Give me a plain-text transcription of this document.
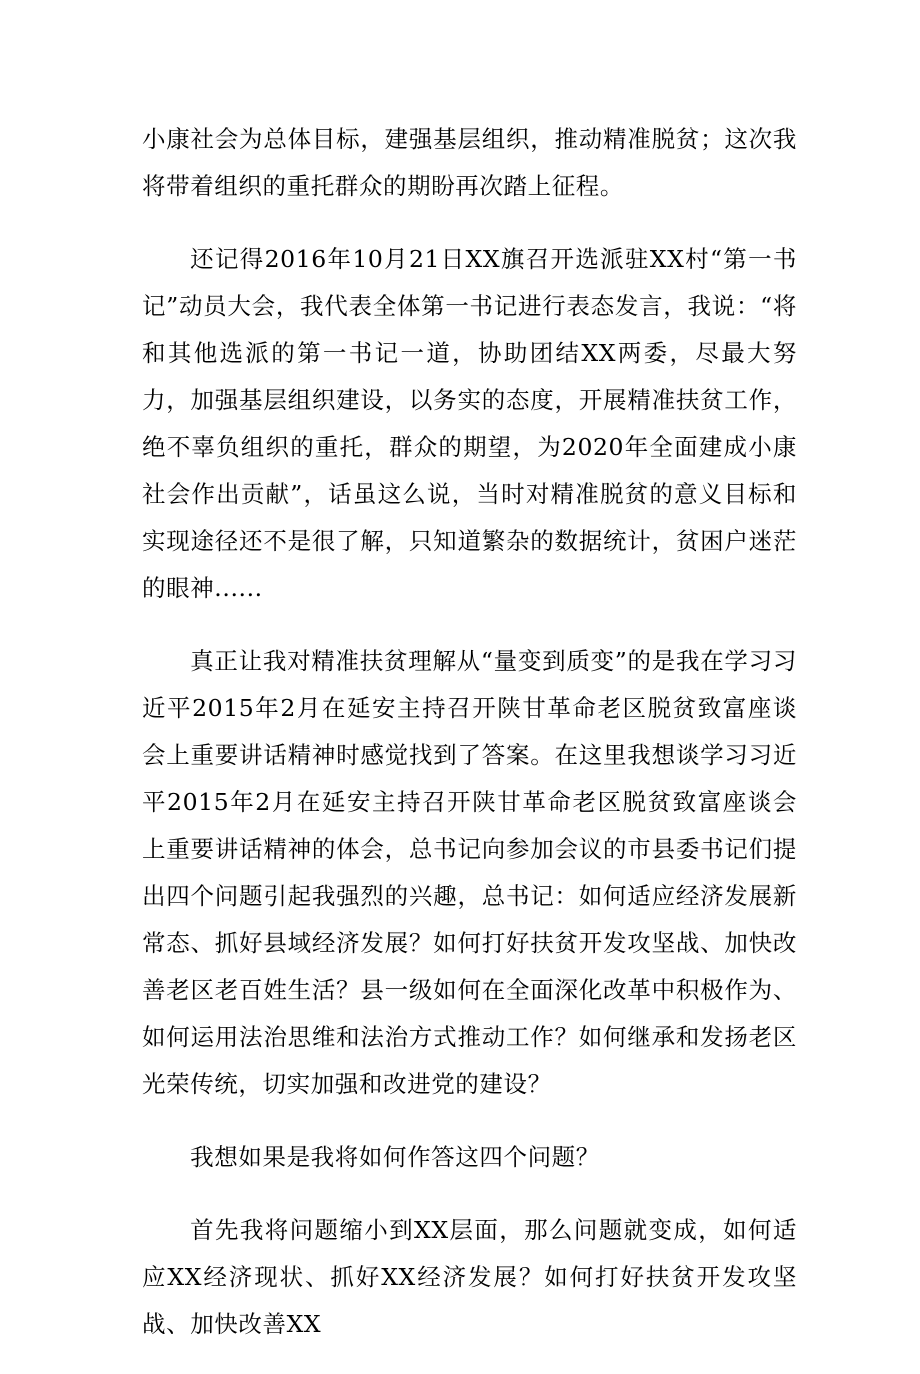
小康社会为总体目标，建强基层组织，推动精准脱贫；这次我将带着组织的重托群众的期盼再次踏上征程。

还记得2016年10月21日XX旗召开选派驻XX村“第一书记”动员大会，我代表全体第一书记进行表态发言，我说：“将和其他选派的第一书记一道，协助团结XX两委，尽最大努力，加强基层组织建设，以务实的态度，开展精准扶贫工作，绝不辜负组织的重托，群众的期望，为2020年全面建成小康社会作出贡献”，话虽这么说，当时对精准脱贫的意义目标和实现途径还不是很了解，只知道繁杂的数据统计，贫困户迷茫的眼神......

真正让我对精准扶贫理解从“量变到质变”的是我在学习习近平2015年2月在延安主持召开陕甘革命老区脱贫致富座谈会上重要讲话精神时感觉找到了答案。在这里我想谈学习习近平2015年2月在延安主持召开陕甘革命老区脱贫致富座谈会上重要讲话精神的体会，总书记向参加会议的市县委书记们提出四个问题引起我强烈的兴趣，总书记：如何适应经济发展新常态、抓好县域经济发展？如何打好扶贫开发攻坚战、加快改善老区老百姓生活？县一级如何在全面深化改革中积极作为、如何运用法治思维和法治方式推动工作？如何继承和发扬老区光荣传统，切实加强和改进党的建设？

我想如果是我将如何作答这四个问题？

首先我将问题缩小到XX层面，那么问题就变成，如何适应XX经济现状、抓好XX经济发展？如何打好扶贫开发攻坚战、加快改善XX
